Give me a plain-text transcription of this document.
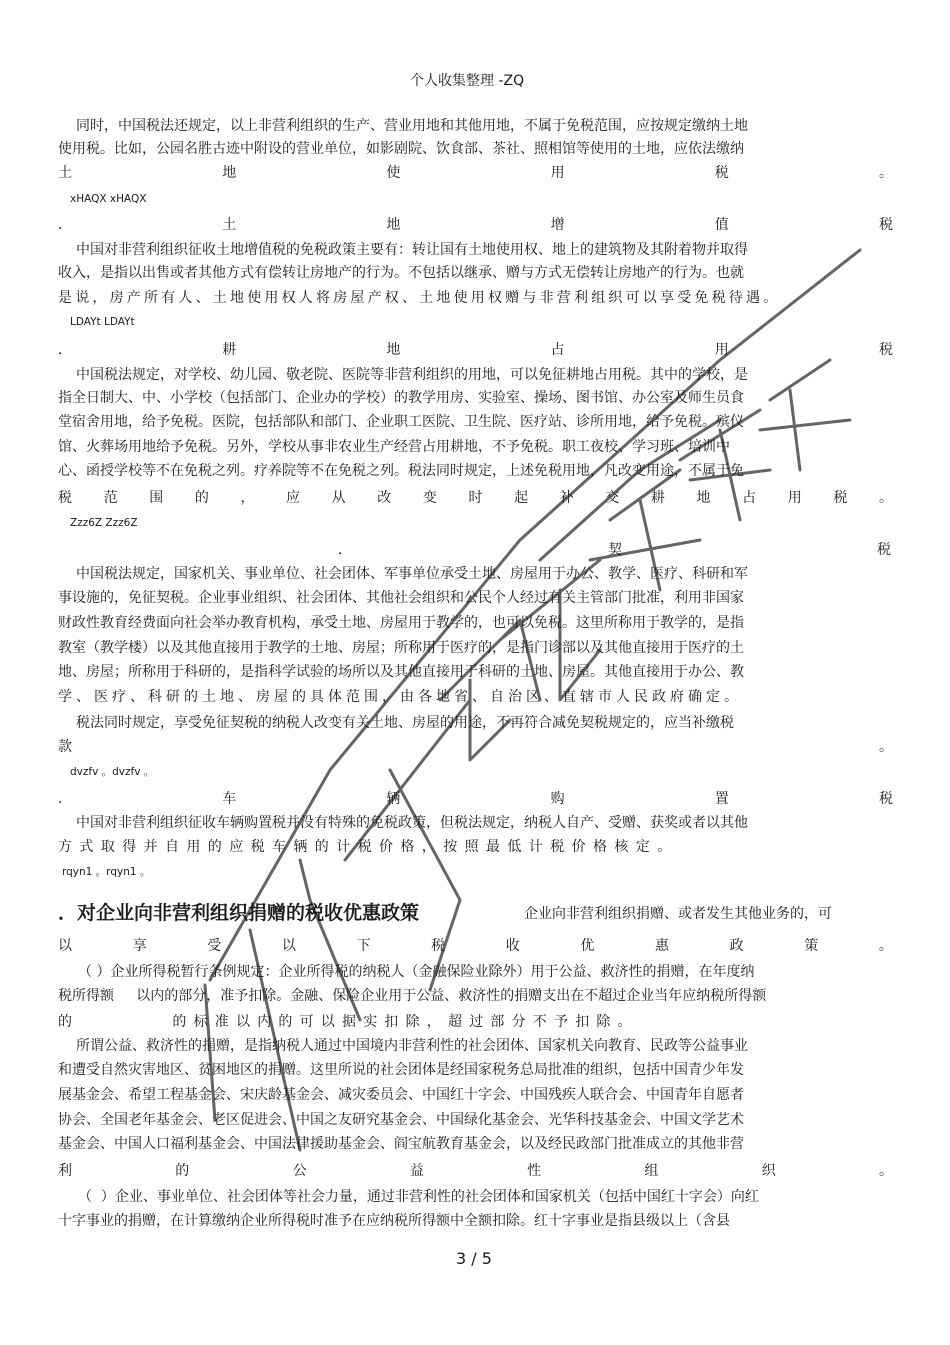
个人收集整理 -ZQ
同时，中国税法还规定，以上非营利组织的生产、营业用地和其他用地，不属于免税范围，应按规定缴纳土地
使用税。比如，公园名胜古迹中附设的营业单位，如影剧院、饮食部、茶社、照相馆等使用的土地，应依法缴纳
土	地	使	用	税	。
xHAQX xHAQX
．	土	地	增	值	税
中国对非营利组织征收土地增值税的免税政策主要有：转让国有土地使用权、地上的建筑物及其附着物并取得
收入，是指以出售或者其他方式有偿转让房地产的行为。不包括以继承、赠与方式无偿转让房地产的行为。也就
是说，房产所有人、土地使用权人将房屋产权、土地使用权赠与非营利组织可以享受免税待遇。
LDAYt LDAYt
．	耕	地	占	用	税
中国税法规定，对学校、幼儿园、敬老院、医院等非营利组织的用地，可以免征耕地占用税。其中的学校，是
指全日制大、中、小学校（包括部门、企业办的学校）的教学用房、实验室、操场、图书馆、办公室及师生员食
堂宿舍用地，给予免税。医院，包括部队和部门、企业职工医院、卫生院、医疗站、诊所用地，给予免税。殡仪
馆、火葬场用地给予免税。另外，学校从事非农业生产经营占用耕地，不予免税。职工夜校、学习班、培训中
心、函授学校等不在免税之列。疗养院等不在免税之列。税法同时规定，上述免税用地，凡改变用途，不属于免
税 范 围 的 ， 应 从 改 变 时 起 补 交 耕 地 占 用 税 。
Zzz6Z Zzz6Z
．	契	税
中国税法规定，国家机关、事业单位、社会团体、军事单位承受土地、房屋用于办公、教学、医疗、科研和军
事设施的，免征契税。企业事业组织、社会团体、其他社会组织和公民个人经过有关主管部门批准，利用非国家
财政性教育经费面向社会举办教育机构，承受土地、房屋用于教学的，也可以免税。这里所称用于教学的，是指
教室（教学楼）以及其他直接用于教学的土地、房屋；所称用于医疗的，是指门诊部以及其他直接用于医疗的土
地、房屋；所称用于科研的，是指科学试验的场所以及其他直接用于科研的土地、房屋。其他直接用于办公、教
学、医疗、科研的土地、房屋的具体范围，由各地省、自治区、直辖市人民政府确定。
税法同时规定，享受免征契税的纳税人改变有关土地、房屋的用途，不再符合减免契税规定的，应当补缴税
款	。
dvzfv 。dvzfv 。
．	车	辆	购	置	税
中国对非营利组织征收车辆购置税并没有特殊的免税政策，但税法规定，纳税人自产、受赠、获奖或者以其他
方式取得并自用的应税车辆的计税价格，按照最低计税价格核定。
rqyn1 。rqyn1 。
．对企业向非营利组织捐赠的税收优惠政策	企业向非营利组织捐赠、或者发生其他业务的，可
以	享	受	以	下	税	收	优	惠	政	策	。
（ ）企业所得税暂行条例规定：企业所得税的纳税人（金融保险业除外）用于公益、救济性的捐赠，在年度纳
税所得额     以内的部分，准予扣除。金融、保险企业用于公益、救济性的捐赠支出在不超过企业当年应纳税所得额
的        的标准以内的可以据实扣除，超过部分不予扣除。
所谓公益、救济性的捐赠，是指纳税人通过中国境内非营利性的社会团体、国家机关向教育、民政等公益事业
和遭受自然灾害地区、贫困地区的捐赠。这里所说的社会团体是经国家税务总局批准的组织，包括中国青少年发
展基金会、希望工程基金会、宋庆龄基金会、减灾委员会、中国红十字会、中国残疾人联合会、中国青年自愿者
协会、全国老年基金会、老区促进会、中国之友研究基金会、中国绿化基金会、光华科技基金会、中国文学艺术
基金会、中国人口福利基金会、中国法律援助基金会、阎宝航教育基金会，以及经民政部门批准成立的其他非营
利	的	公	益	性	组	织	。
（  ）企业、事业单位、社会团体等社会力量，通过非营利性的社会团体和国家机关（包括中国红十字会）向红
十字事业的捐赠，在计算缴纳企业所得税时准予在应纳税所得额中全额扣除。红十字事业是指县级以上（含县
3 / 5
